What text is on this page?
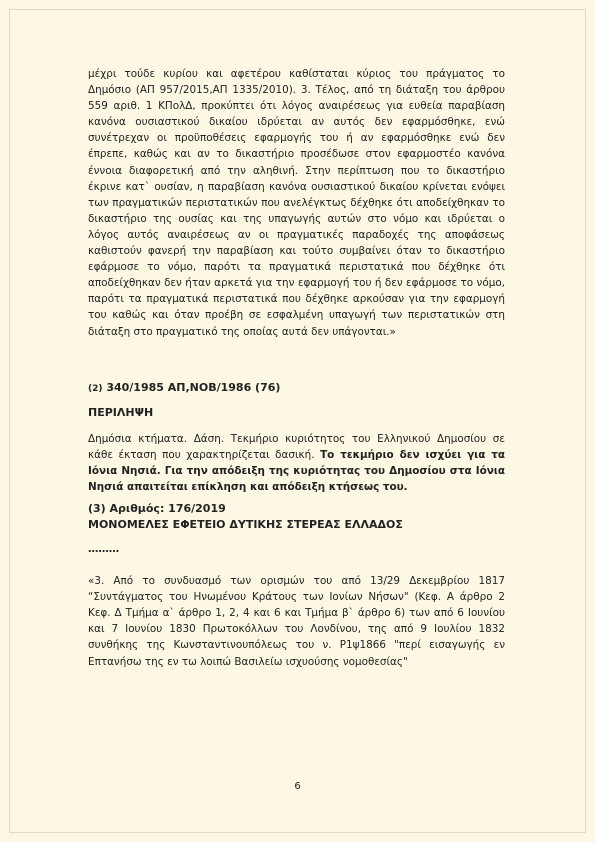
μέχρι τούδε κυρίου και αφετέρου καθίσταται κύριος του πράγματος το Δημόσιο (ΑΠ 957/2015,ΑΠ 1335/2010). 3. Τέλος, από τη διάταξη του άρθρου 559 αριθ. 1 ΚΠολΔ, προκύπτει ότι λόγος αναιρέσεως για ευθεία παραβίαση κανόνα ουσιαστικού δικαίου ιδρύεται αν αυτός δεν εφαρμόσθηκε, ενώ συνέτρεχαν οι προϋποθέσεις εφαρμογής του ή αν εφαρμόσθηκε ενώ δεν έπρεπε, καθώς και αν το δικαστήριο προσέδωσε στον εφαρμοστέο κανόνα έννοια διαφορετική από την αληθινή. Στην περίπτωση που το δικαστήριο έκρινε κατ` ουσίαν, η παραβίαση κανόνα ουσιαστικού δικαίου κρίνεται ενόψει των πραγματικών περιστατικών που ανελέγκτως δέχθηκε ότι αποδείχθηκαν το δικαστήριο της ουσίας και της υπαγωγής αυτών στο νόμο και ιδρύεται ο λόγος αυτός αναιρέσεως αν οι πραγματικές παραδοχές της αποφάσεως καθιστούν φανερή την παραβίαση και τούτο συμβαίνει όταν το δικαστήριο εφάρμοσε το νόμο, παρότι τα πραγματικά περιστατικά που δέχθηκε ότι αποδείχθηκαν δεν ήταν αρκετά για την εφαρμογή του ή δεν εφάρμοσε το νόμο, παρότι τα πραγματικά περιστατικά που δέχθηκε αρκούσαν για την εφαρμογή του καθώς και όταν προέβη σε εσφαλμένη υπαγωγή των περιστατικών στη διάταξη στο πραγματικό της οποίας αυτά δεν υπάγονται.»

(2) 340/1985 ΑΠ,ΝΟΒ/1986 (76)

ΠΕΡΙΛΗΨΗ

Δημόσια κτήματα. Δάση. Τεκμήριο κυριότητος του Ελληνικού Δημοσίου σε κάθε έκταση που χαρακτηρίζεται δασική. Το τεκμήριο δεν ισχύει για τα Ιόνια Νησιά. Για την απόδειξη της κυριότητας του Δημοσίου στα Ιόνια Νησιά απαιτείται επίκληση και απόδειξη κτήσεως του.

(3) Αριθμός: 176/2019

ΜΟΝΟΜΕΛΕΣ ΕΦΕΤΕΙΟ ΔΥΤΙΚΗΣ ΣΤΕΡΕΑΣ ΕΛΛΑΔΟΣ

………

«3. Από το συνδυασμό των ορισμών του από 13/29 Δεκεμβρίου 1817 “Συντάγματος του Ηνωμένου Κράτους των Ιονίων Νήσων" (Κεφ. Α άρθρο 2 Κεφ. Δ Τμήμα α` άρθρο 1, 2, 4 και 6 και Τμήμα β` άρθρο 6) των από 6 Ιουνίου και 7 Ιουνίου 1830 Πρωτοκόλλων του Λονδίνου, της από 9 Ιουλίου 1832 συνθήκης της Κωνσταντινουπόλεως του ν. Ρ1ψ1866 "περί εισαγωγής εν Επτανήσω της εν τω λοιπώ Βασιλείω ισχυούσης νομοθεσίας"

6
